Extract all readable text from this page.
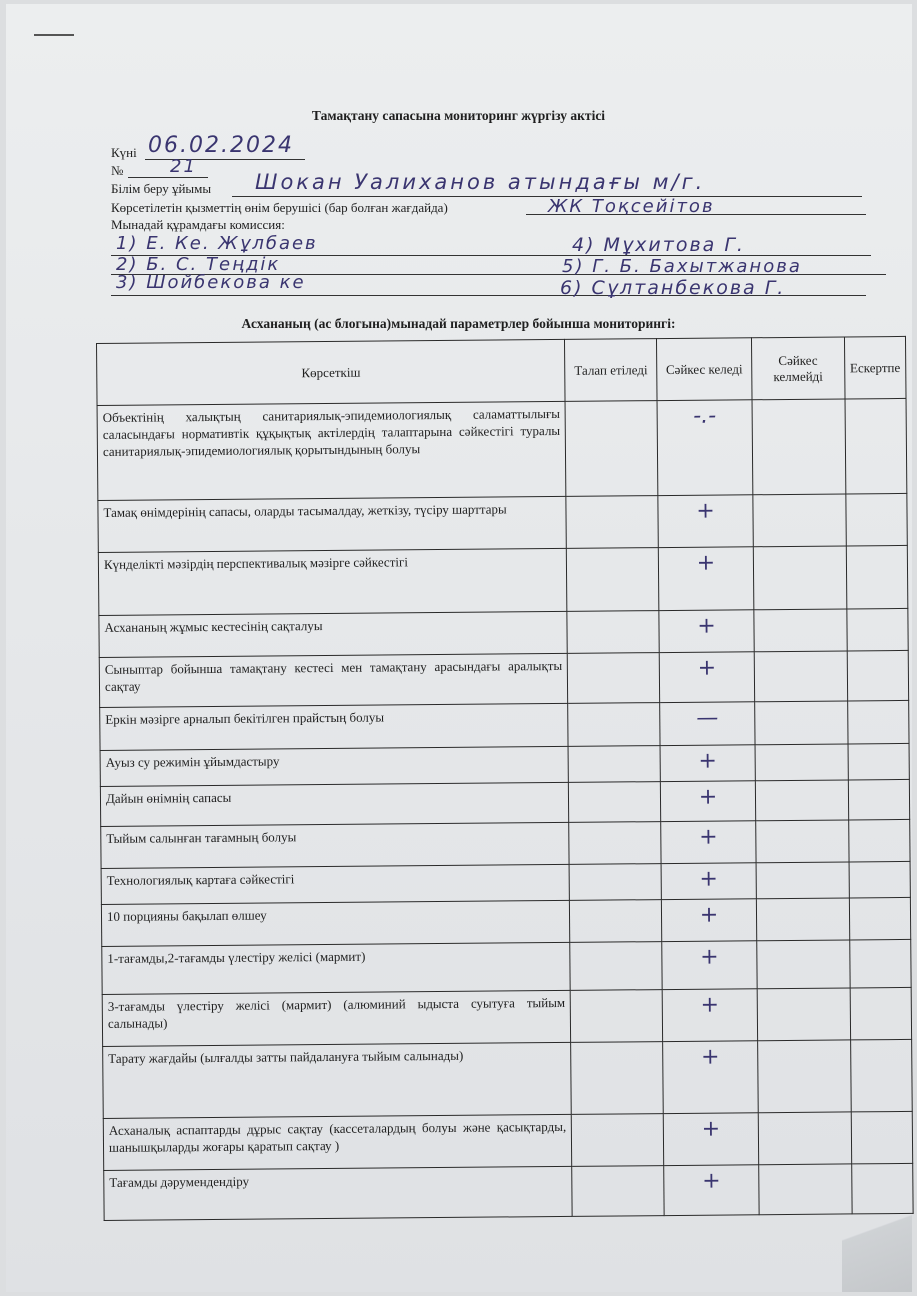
Тамақтану сапасына мониторинг жүргізу актісі
Күні 06.02.2024
№	21
Білім беру ұйымы Шокан Уалиханов атындағы м/г.
Көрсетілетін қызметтің өнім берушісі (бар болған жағдайда)	ЖК Тоқсейітов
Мынадай құрамдағы комиссия:
1) Е. Ке. Жұлбаев
2) Б. С. Теңдік
3) Шойбекова ке
4) Мұхитова Г.
5) Г. Б. Бахытжанова
6) Сұлтанбекова Г.
Асхананың (ас блогына)мынадай параметрлер бойынша мониторингі:
Көрсеткіш	Талап етіледі	Сәйкес келеді	Сәйкес келмейді	Ескертпе
Объектінің халықтың санитариялық-эпидемиологиялық саламаттылығы саласындағы нормативтік құқықтық актілердің талаптарына сәйкестігі туралы санитариялық-эпидемиологиялық қорытындының болуы		-.-		
Тамақ өнімдерінің сапасы, оларды тасымалдау, жеткізу, түсіру шарттары		+		
Күнделікті мәзірдің перспективалық мәзірге сәйкестігі		+		
Асхананың жұмыс кестесінің сақталуы		+		
Сыныптар бойынша тамақтану кестесі мен тамақтану арасындағы аралықты сақтау		+		
Еркін мәзірге арналып бекітілген прайстың болуы		—		
Ауыз су режимін ұйымдастыру		+		
Дайын өнімнің сапасы		+		
Тыйым салынған тағамның болуы		+		
Технологиялық картаға сәйкестігі		+		
10 порцияны бақылап өлшеу		+		
1-тағамды,2-тағамды үлестіру желісі (мармит)		+		
3-тағамды үлестіру желісі (мармит) (алюминий ыдыста суытуға тыйым салынады)		+		
Тарату жағдайы (ылғалды затты пайдалануға тыйым салынады)		+		
Асханалық аспаптарды дұрыс сақтау (кассеталардың болуы және қасықтарды, шанышқыларды жоғары қаратып сақтау )		+		
Тағамды дәрумендендіру		+		
